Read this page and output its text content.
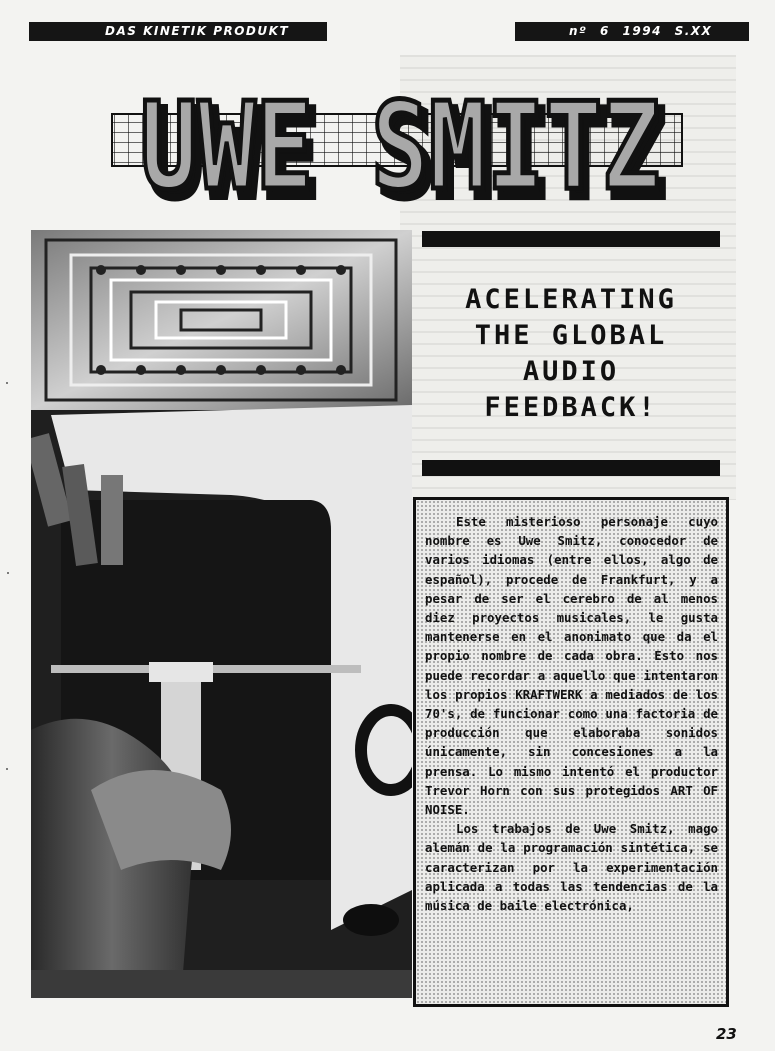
DAS KINETIK PRODUKT	nº 6 1994 S.XX
UWE SMITZ
UWE SMITZ
ACELERATING
THE GLOBAL
AUDIO
FEEDBACK!

Este misterioso personaje cuyo nombre es Uwe Smitz, conocedor de varios idiomas (entre ellos, algo de español), procede de Frankfurt, y a pesar de ser el cerebro de al menos diez proyectos musicales, le gusta mantenerse en el anonimato que da el propio nombre de cada obra. Esto nos puede recordar a aquello que intentaron los propios KRAFTWERK a mediados de los 70's, de funcionar como una factoria de producción que elaboraba sonidos únicamente, sin concesiones a la prensa. Lo mismo intentó el productor Trevor Horn con sus protegidos ART OF NOISE.

Los trabajos de Uwe Smitz, mago alemán de la programación sintética, se caracterizan por la experimentación aplicada a todas las tendencias de la música de baile electrónica,

23
